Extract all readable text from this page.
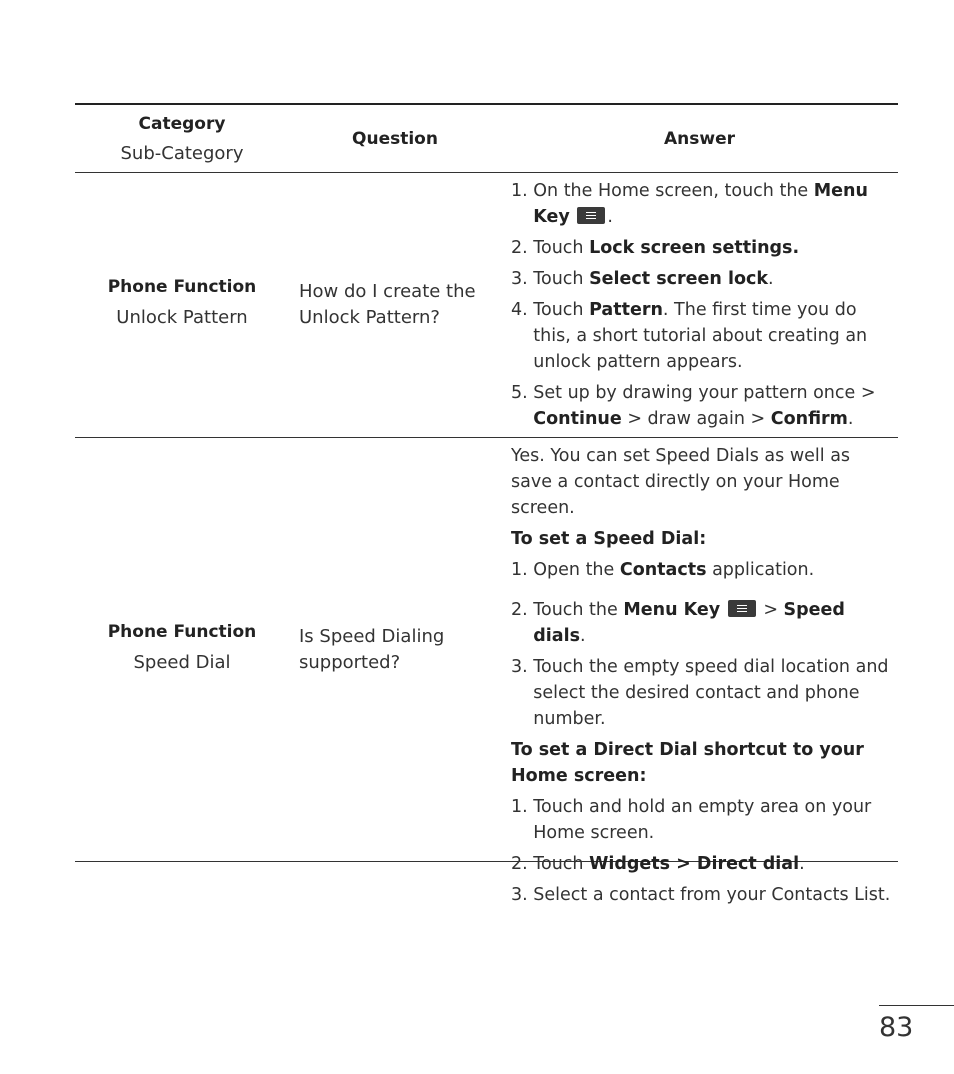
Category
Sub-Category
Question	Answer
Phone Function
Unlock Pattern
How do I create the Unlock Pattern?
1. On the Home screen, touch the Menu Key .
2. Touch Lock screen settings.
3. Touch Select screen lock.
4. Touch Pattern. The first time you do this, a short tutorial about creating an unlock pattern appears.
5. Set up by drawing your pattern once > Continue > draw again > Confirm.
Phone Function
Speed Dial
Is Speed Dialing supported?

Yes. You can set Speed Dials as well as save a contact directly on your Home screen.

To set a Speed Dial:

1. Open the Contacts application.
2. Touch the Menu Key  > Speed dials.
3. Touch the empty speed dial location and select the desired contact and phone number.

To set a Direct Dial shortcut to your Home screen:

1. Touch and hold an empty area on your Home screen.
2. Touch Widgets > Direct dial.
3. Select a contact from your Contacts List.
83
